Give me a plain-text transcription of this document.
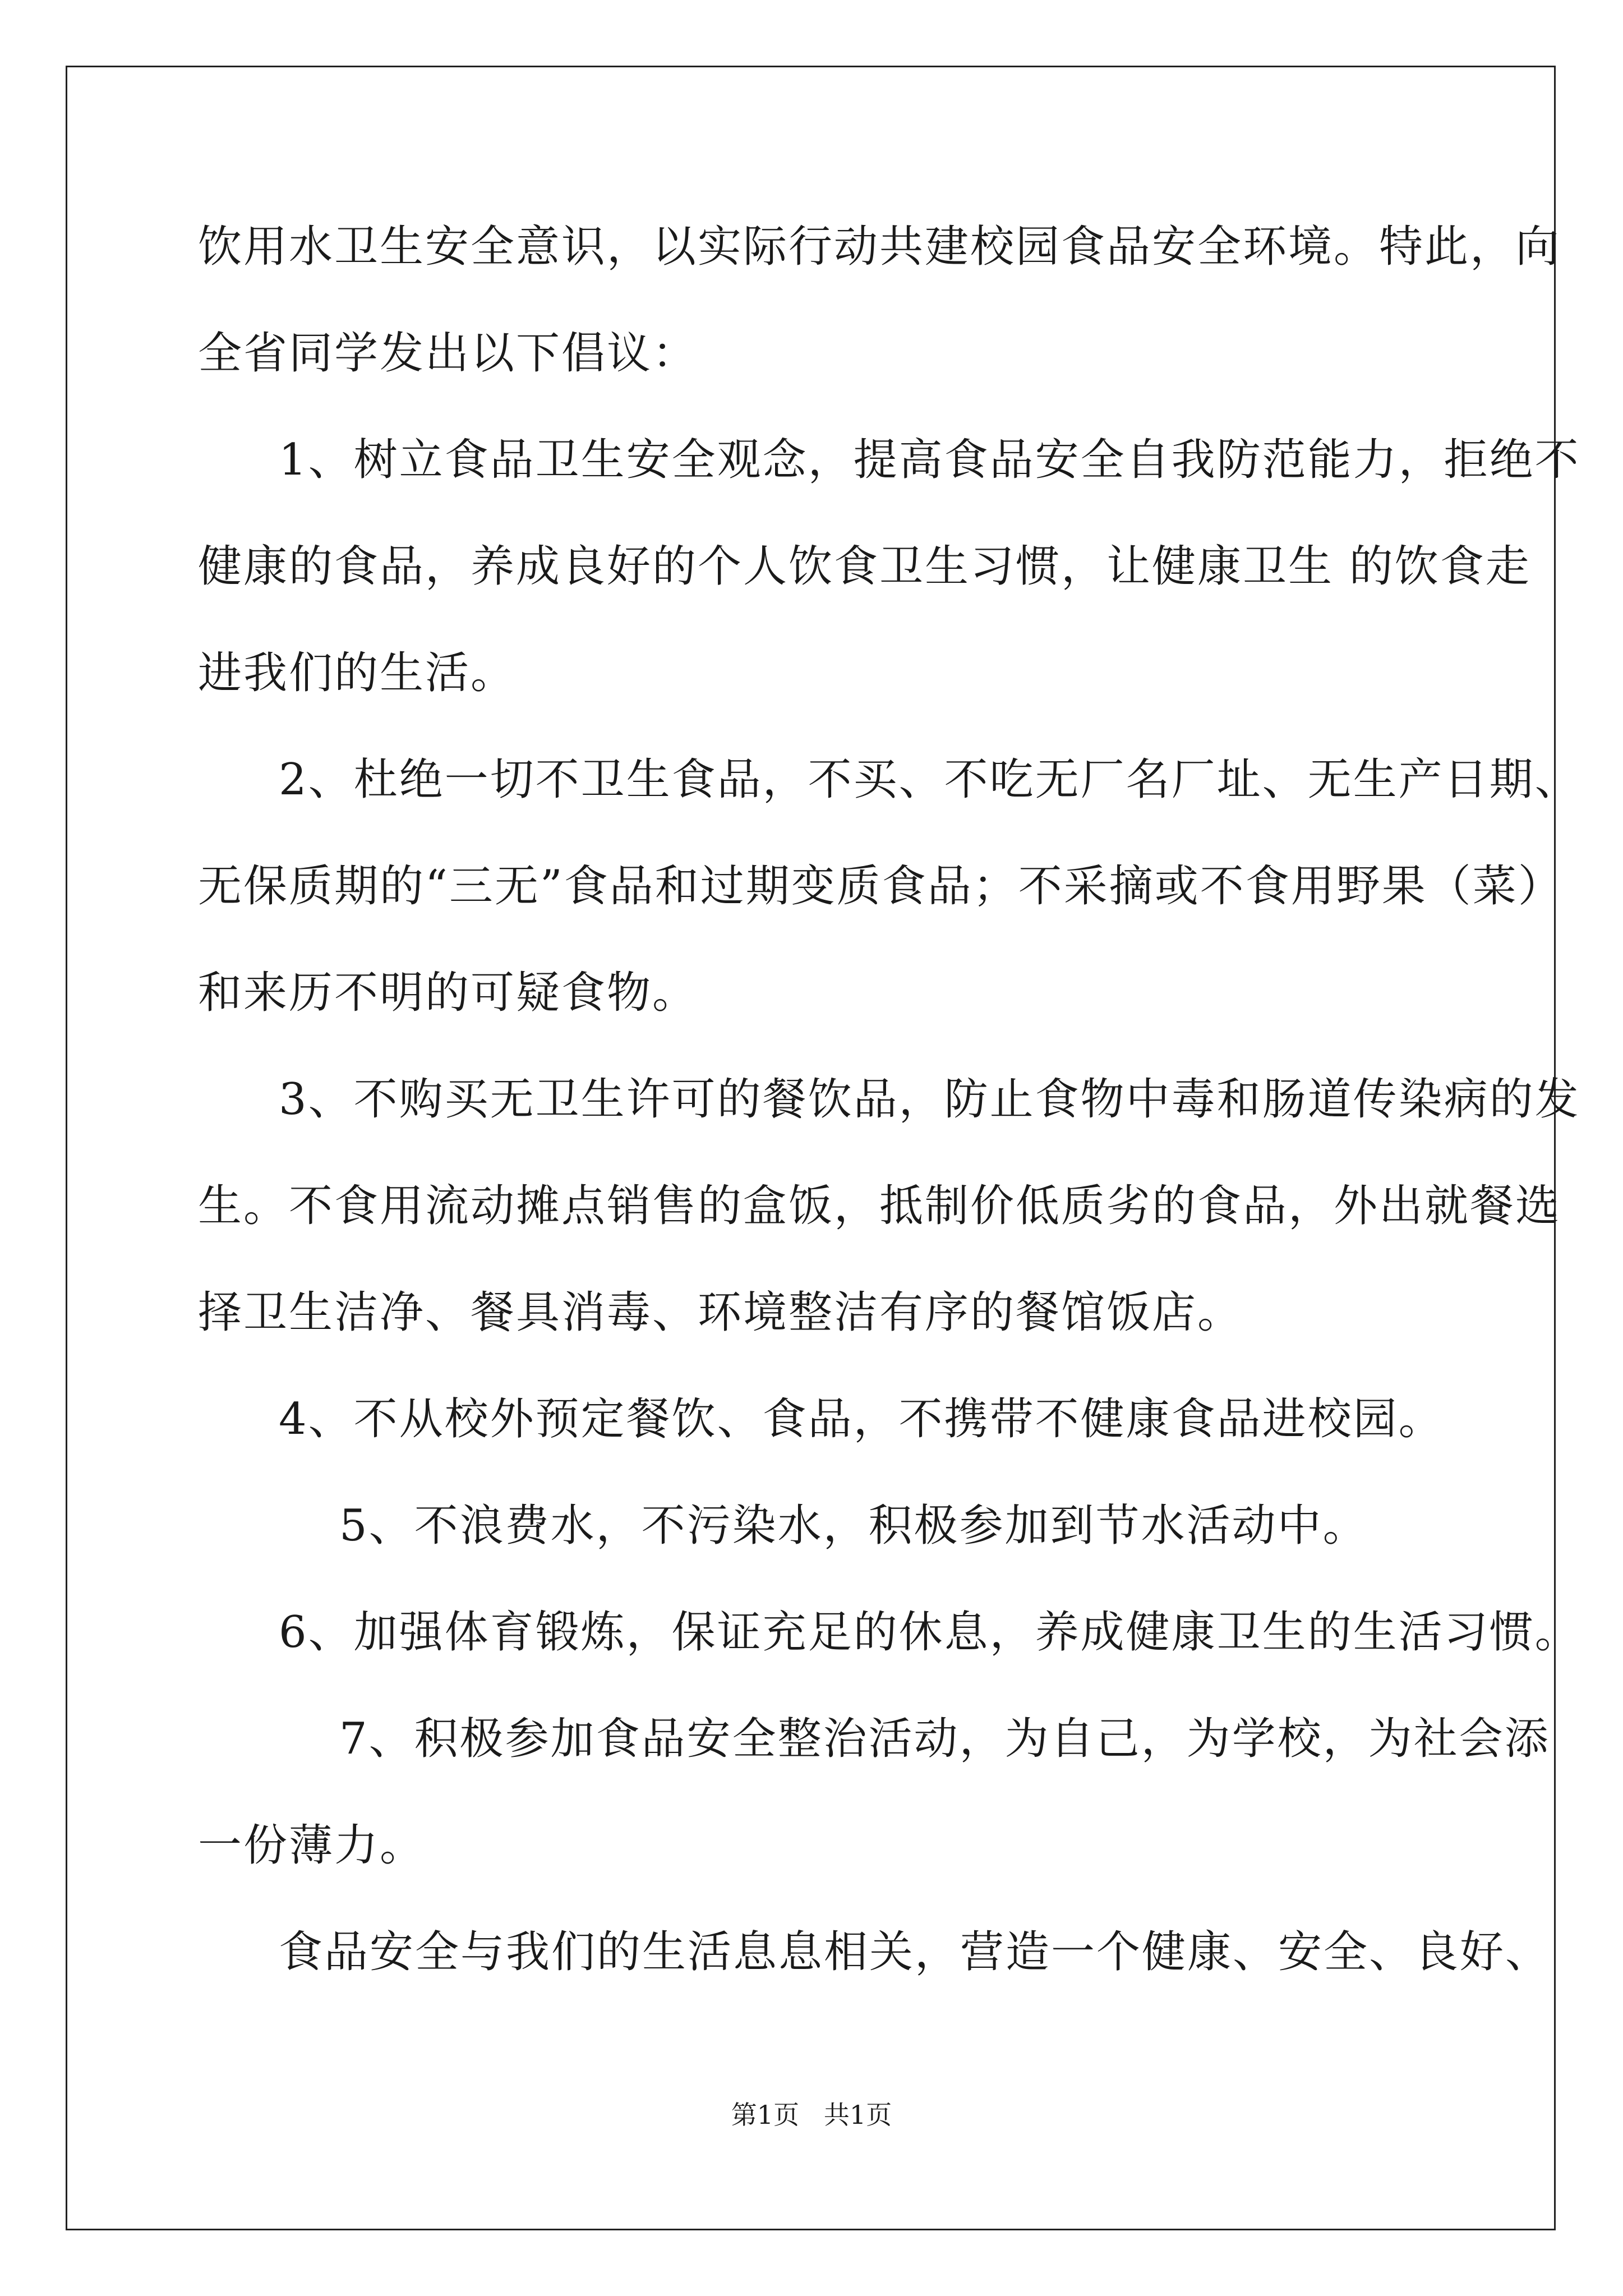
饮用水卫生安全意识，以实际行动共建校园食品安全环境。特此，向
全省同学发出以下倡议：
1、树立食品卫生安全观念，提高食品安全自我防范能力，拒绝不
健康的食品，养成良好的个人饮食卫生习惯，让健康卫生 的饮食走
进我们的生活。
2、杜绝一切不卫生食品，不买、不吃无厂名厂址、无生产日期、
无保质期的“三无”食品和过期变质食品；不采摘或不食用野果（菜）
和来历不明的可疑食物。
3、不购买无卫生许可的餐饮品，防止食物中毒和肠道传染病的发
生。不食用流动摊点销售的盒饭，抵制价低质劣的食品，外出就餐选
择卫生洁净、餐具消毒、环境整洁有序的餐馆饭店。
4、不从校外预定餐饮、食品，不携带不健康食品进校园。
5、不浪费水，不污染水，积极参加到节水活动中。
6、加强体育锻炼，保证充足的休息，养成健康卫生的生活习惯。
7、积极参加食品安全整治活动，为自己，为学校，为社会添
一份薄力。
食品安全与我们的生活息息相关，营造一个健康、安全、良好、
第1页   共1页
